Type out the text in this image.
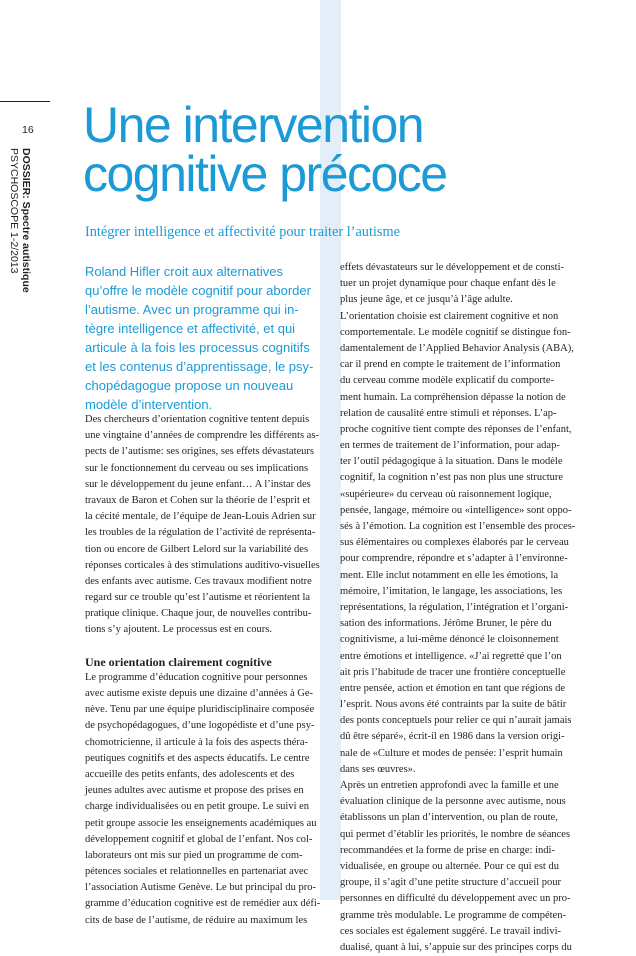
16
DOSSIER: Spectre autistique
PSYCHOSCOPE 1-2/2013
Une intervention
cognitive précoce
Intégrer intelligence et affectivité pour traiter l’autisme
Roland Hifler croit aux alternatives
qu’offre le modèle cognitif pour aborder
l’autisme. Avec un programme qui in-
tègre intelligence et affectivité, et qui
articule à la fois les processus cognitifs
et les contenus d’apprentissage, le psy-
chopédagogue propose un nouveau
modèle d’intervention.
Des chercheurs d’orientation cognitive tentent depuis
une vingtaine d’années de comprendre les différents as-
pects de l’autisme: ses origines, ses effets dévastateurs
sur le fonctionnement du cerveau ou ses implications
sur le développement du jeune enfant… A l’instar des
travaux de Baron et Cohen sur la théorie de l’esprit et
la cécité mentale, de l’équipe de Jean-Louis Adrien sur
les troubles de la régulation de l’activité de représenta-
tion ou encore de Gilbert Lelord sur la variabilité des
réponses corticales à des stimulations auditivo-visuelles
des enfants avec autisme. Ces travaux modifient notre
regard sur ce trouble qu’est l’autisme et réorientent la
pratique clinique. Chaque jour, de nouvelles contribu-
tions s’y ajoutent. Le processus est en cours.
Une orientation clairement cognitive
Le programme d’éducation cognitive pour personnes
avec autisme existe depuis une dizaine d’années à Ge-
nève. Tenu par une équipe pluridisciplinaire composée
de psychopédagogues, d’une logopédiste et d’une psy-
chomotricienne, il articule à la fois des aspects théra-
peutiques cognitifs et des aspects éducatifs. Le centre
accueille des petits enfants, des adolescents et des
jeunes adultes avec autisme et propose des prises en
charge individualisées ou en petit groupe. Le suivi en
petit groupe associe les enseignements académiques au
développement cognitif et global de l’enfant. Nos col-
laborateurs ont mis sur pied un programme de com-
pétences sociales et relationnelles en partenariat avec
l’association Autisme Genève. Le but principal du pro-
gramme d’éducation cognitive est de remédier aux défi-
cits de base de l’autisme, de réduire au maximum les
effets dévastateurs sur le développement et de consti-
tuer un projet dynamique pour chaque enfant dès le
plus jeune âge, et ce jusqu’à l’âge adulte.
L’orientation choisie est clairement cognitive et non
comportementale. Le modèle cognitif se distingue fon-
damentalement de l’Applied Behavior Analysis (ABA),
car il prend en compte le traitement de l’information
du cerveau comme modèle explicatif du comporte-
ment humain. La compréhension dépasse la notion de
relation de causalité entre stimuli et réponses. L’ap-
proche cognitive tient compte des réponses de l’enfant,
en termes de traitement de l’information, pour adap-
ter l’outil pédagogique à la situation. Dans le modèle
cognitif, la cognition n’est pas non plus une structure
«supérieure» du cerveau où raisonnement logique,
pensée, langage, mémoire ou «intelligence» sont oppo-
sés à l’émotion. La cognition est l’ensemble des proces-
sus élémentaires ou complexes élaborés par le cerveau
pour comprendre, répondre et s’adapter à l’environne-
ment. Elle inclut notamment en elle les émotions, la
mémoire, l’imitation, le langage, les associations, les
représentations, la régulation, l’intégration et l’organi-
sation des informations. Jérôme Bruner, le père du
cognitivisme, a lui-même dénoncé le cloisonnement
entre émotions et intelligence. «J’ai regretté que l’on
ait pris l’habitude de tracer une frontière conceptuelle
entre pensée, action et émotion en tant que régions de
l’esprit. Nous avons été contraints par la suite de bâtir
des ponts conceptuels pour relier ce qui n’aurait jamais
dû être séparé», écrit-il en 1986 dans la version origi-
nale de «Culture et modes de pensée: l’esprit humain
dans ses œuvres».
Après un entretien approfondi avec la famille et une
évaluation clinique de la personne avec autisme, nous
établissons un plan d’intervention, ou plan de route,
qui permet d’établir les priorités, le nombre de séances
recommandées et la forme de prise en charge: indi-
vidualisée, en groupe ou alternée. Pour ce qui est du
groupe, il s’agit d’une petite structure d’accueil pour
personnes en difficulté du développement avec un pro-
gramme très modulable. Le programme de compéten-
ces sociales est également suggéré. Le travail indivi-
dualisé, quant à lui, s’appuie sur des principes corps du
